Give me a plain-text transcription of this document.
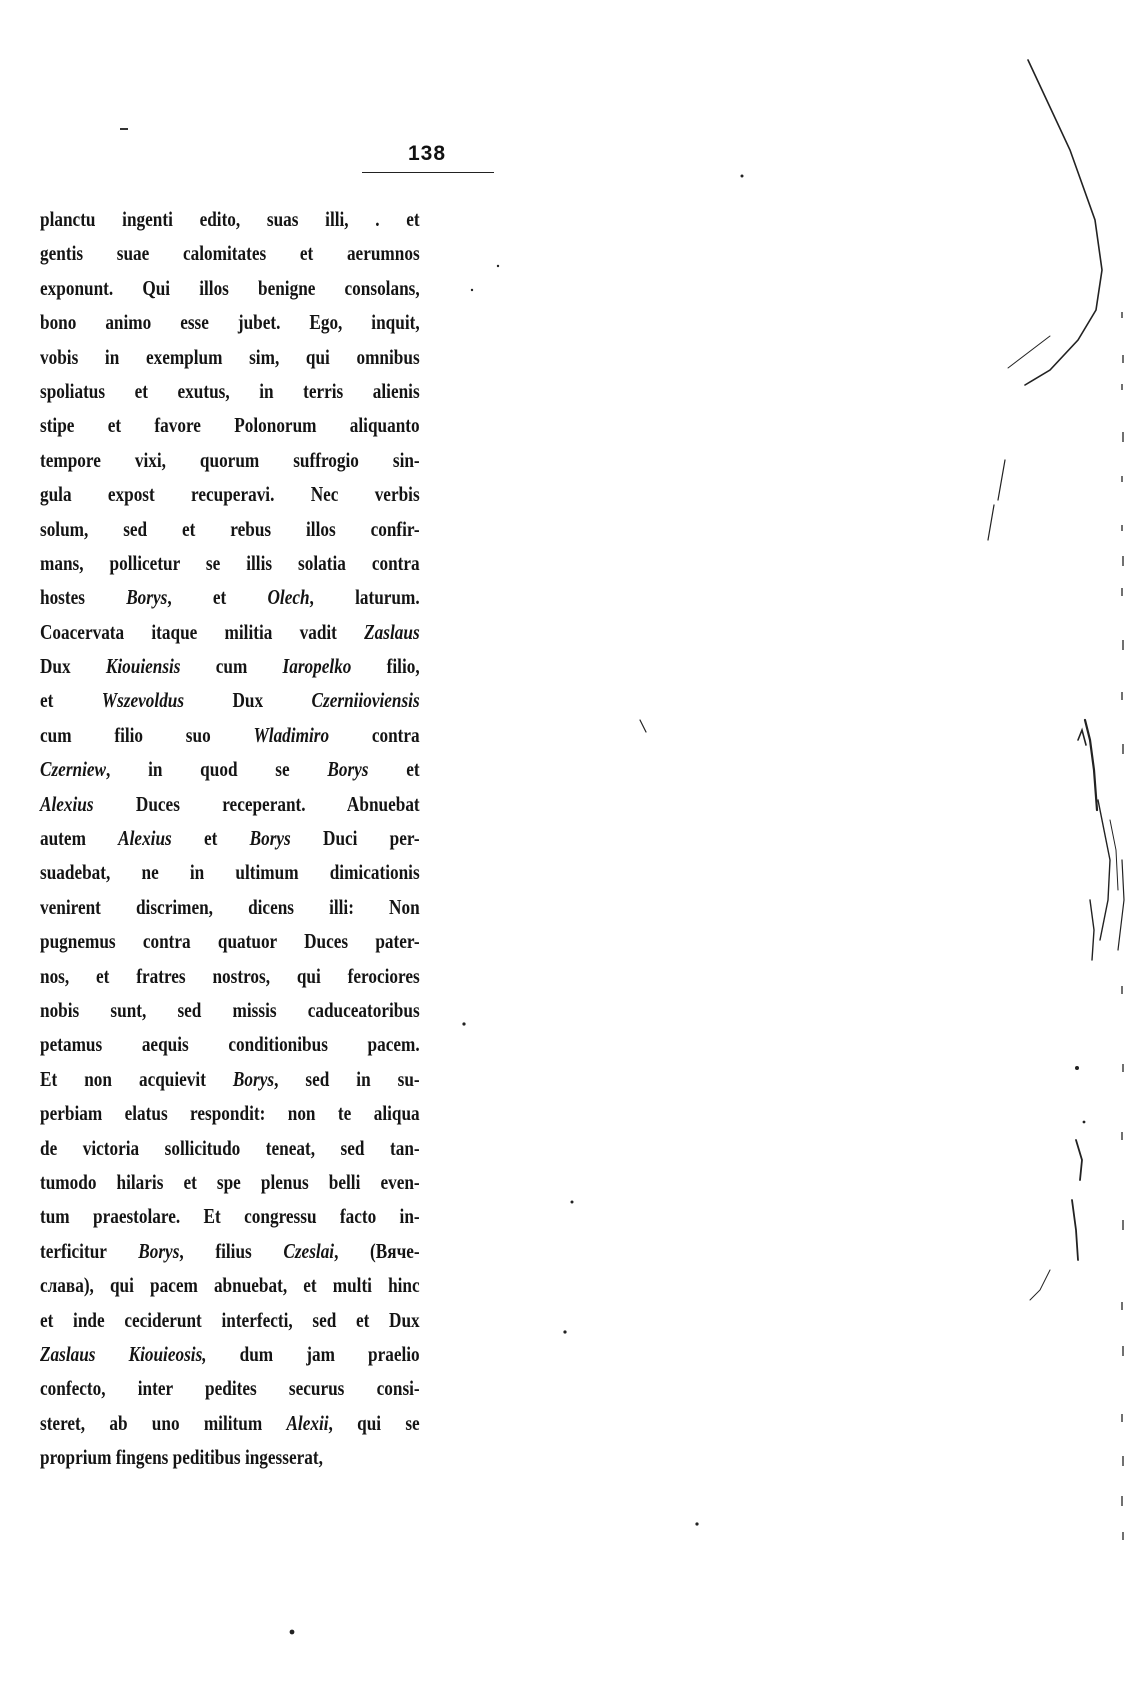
138
planctu ingenti edito, suas illi, . et
gentis suae calomitates et aerumnos
exponunt. Qui illos benigne consolans,
bono animo esse jubet. Ego, inquit,
vobis in exemplum sim, qui omnibus
spoliatus et exutus, in terris alienis
stipe et favore Polonorum aliquanto
tempore vixi, quorum suffrogio sin-
gula expost recuperavi. Nec verbis
solum, sed et rebus illos confir-
mans, pollicetur se illis solatia contra
hostes Borys, et Olech, laturum.
Coacervata itaque militia vadit Zaslaus
Dux Kiouiensis cum Iaropelko filio,
et Wszevoldus Dux Czerniioviensis
cum filio suo Wladimiro contra
Czerniew, in quod se Borys et
Alexius Duces receperant. Abnuebat
autem Alexius et Borys Duci per-
suadebat, ne in ultimum dimicationis
venirent discrimen, dicens illi: Non
pugnemus contra quatuor Duces pater-
nos, et fratres nostros, qui ferociores
nobis sunt, sed missis caduceatoribus
petamus aequis conditionibus pacem.
Et non acquievit Borys, sed in su-
perbiam elatus respondit: non te aliqua
de victoria sollicitudo teneat, sed tan-
tumodo hilaris et spe plenus belli even-
tum praestolare. Et congressu facto in-
terficitur Borys, filius Czeslai, (Вяче-
слава), qui pacem abnuebat, et multi hinc
et inde ceciderunt interfecti, sed et Dux
Zaslaus Kiouieosis, dum jam praelio
confecto, inter pedites securus consi-
steret, ab uno militum Alexii, qui se
proprium fingens peditibus ingesserat,
